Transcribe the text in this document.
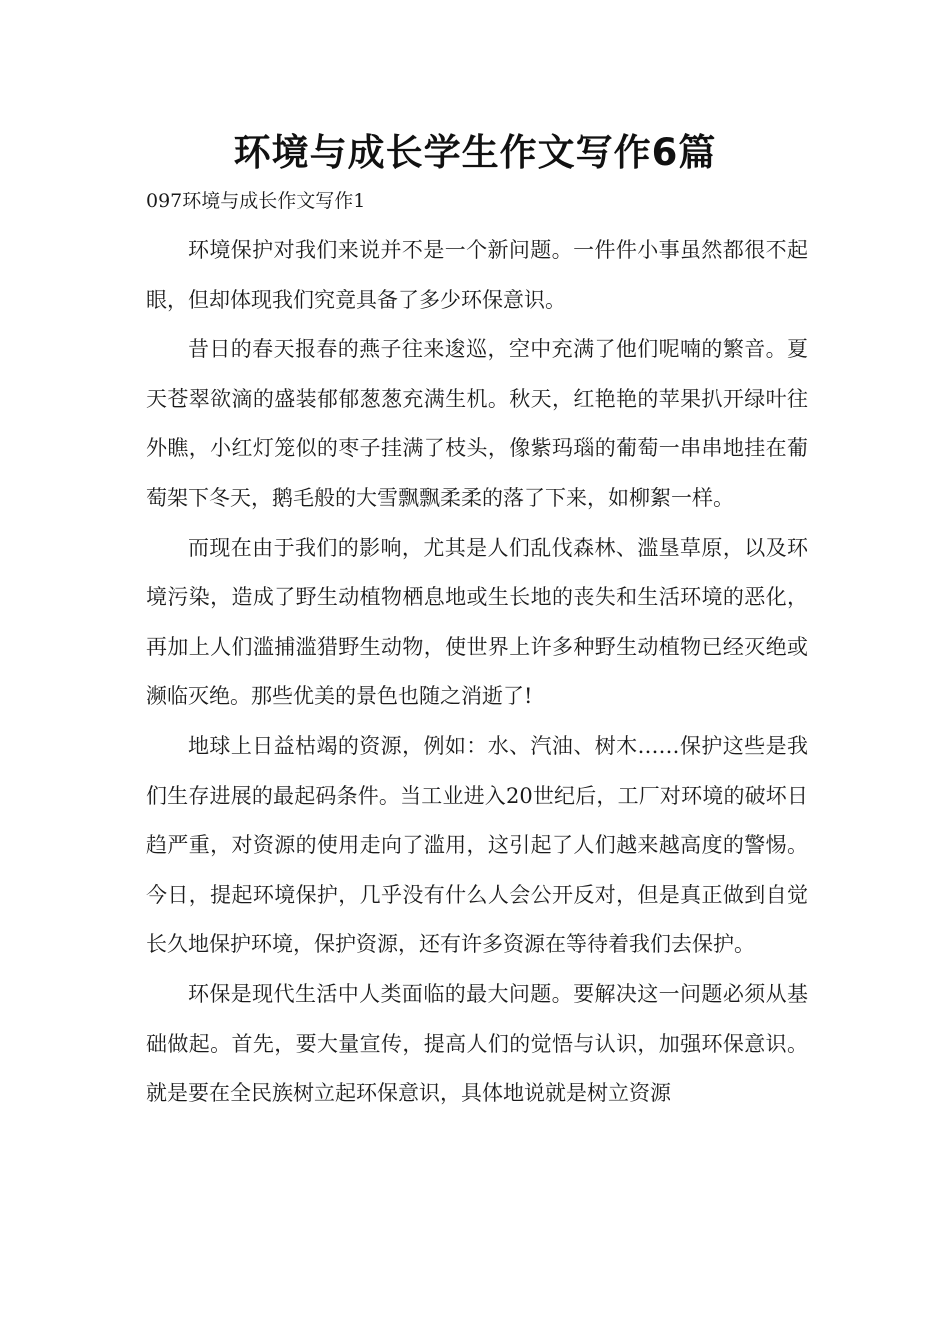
环境与成长学生作文写作6篇
097环境与成长作文写作1

环境保护对我们来说并不是一个新问题。一件件小事虽然都很不起眼，但却体现我们究竟具备了多少环保意识。

昔日的春天报春的燕子往来逡巡，空中充满了他们呢喃的繁音。夏天苍翠欲滴的盛装郁郁葱葱充满生机。秋天，红艳艳的苹果扒开绿叶往外瞧，小红灯笼似的枣子挂满了枝头，像紫玛瑙的葡萄一串串地挂在葡萄架下冬天，鹅毛般的大雪飘飘柔柔的落了下来，如柳絮一样。

而现在由于我们的影响，尤其是人们乱伐森林、滥垦草原，以及环境污染，造成了野生动植物栖息地或生长地的丧失和生活环境的恶化，再加上人们滥捕滥猎野生动物，使世界上许多种野生动植物已经灭绝或濒临灭绝。那些优美的景色也随之消逝了!

地球上日益枯竭的资源，例如：水、汽油、树木……保护这些是我们生存进展的最起码条件。当工业进入20世纪后，工厂对环境的破坏日趋严重，对资源的使用走向了滥用，这引起了人们越来越高度的警惕。今日，提起环境保护，几乎没有什么人会公开反对，但是真正做到自觉长久地保护环境，保护资源，还有许多资源在等待着我们去保护。

环保是现代生活中人类面临的最大问题。要解决这一问题必须从基础做起。首先，要大量宣传，提高人们的觉悟与认识，加强环保意识。就是要在全民族树立起环保意识，具体地说就是树立资源
